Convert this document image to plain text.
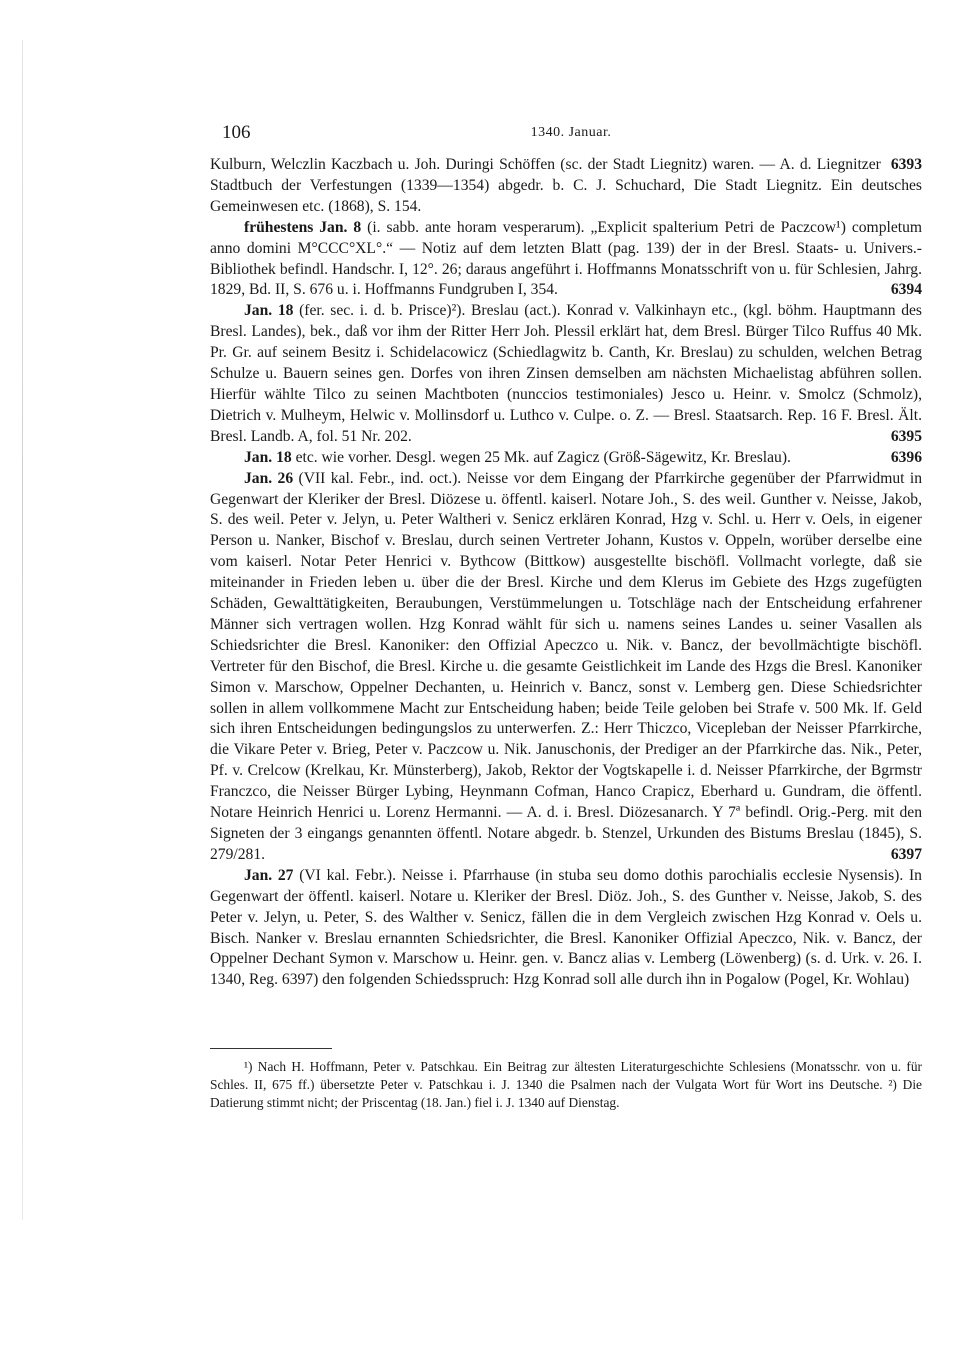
106	1340. Januar.

6393
Kulburn, Welczlin Kaczbach u. Joh. Duringi Schöffen (sc. der Stadt Liegnitz) waren. — A. d. Liegnitzer Stadtbuch der Verfestungen (1339—1354) abgedr. b. C. J. Schuchard, Die Stadt Liegnitz. Ein deutsches Gemeinwesen etc. (1868), S. 154.

frühestens Jan. 8 (i. sabb. ante horam vesperarum). „Explicit spalterium Petri de Paczcow¹) completum anno domini M°CCC°XL°.“ — Notiz auf dem letzten Blatt (pag. 139) der in der Bresl. Staats- u. Univers.-Bibliothek befindl. Handschr. I, 12°. 26; daraus angeführt i. Hoffmanns Monatsschrift von u. für Schlesien, Jahrg. 1829, Bd. II, S. 676 u. i. Hoffmanns Fundgruben I, 354.	6394

Jan. 18 (fer. sec. i. d. b. Prisce)²). Breslau (act.). Konrad v. Valkinhayn etc., (kgl. böhm. Hauptmann des Bresl. Landes), bek., daß vor ihm der Ritter Herr Joh. Plessil erklärt hat, dem Bresl. Bürger Tilco Ruffus 40 Mk. Pr. Gr. auf seinem Besitz i. Schidelacowicz (Schiedlagwitz b. Canth, Kr. Breslau) zu schulden, welchen Betrag Schulze u. Bauern seines gen. Dorfes von ihren Zinsen demselben am nächsten Michaelistag abführen sollen. Hierfür wählte Tilco zu seinen Machtboten (nunccios testimoniales) Jesco u. Heinr. v. Smolcz (Schmolz), Dietrich v. Mulheym, Helwic v. Mollinsdorf u. Luthco v. Culpe. o. Z. — Bresl. Staatsarch. Rep. 16 F. Bresl. Ält. Bresl. Landb. A, fol. 51 Nr. 202.	6395

Jan. 18 etc. wie vorher. Desgl. wegen 25 Mk. auf Zagicz (Größ-Sägewitz, Kr. Breslau).	6396

Jan. 26 (VII kal. Febr., ind. oct.). Neisse vor dem Eingang der Pfarrkirche gegenüber der Pfarrwidmut in Gegenwart der Kleriker der Bresl. Diözese u. öffentl. kaiserl. Notare Joh., S. des weil. Gunther v. Neisse, Jakob, S. des weil. Peter v. Jelyn, u. Peter Waltheri v. Senicz erklären Konrad, Hzg v. Schl. u. Herr v. Oels, in eigener Person u. Nanker, Bischof v. Breslau, durch seinen Vertreter Johann, Kustos v. Oppeln, worüber derselbe eine vom kaiserl. Notar Peter Henrici v. Bythcow (Bittkow) ausgestellte bischöfl. Vollmacht vorlegte, daß sie miteinander in Frieden leben u. über die der Bresl. Kirche und dem Klerus im Gebiete des Hzgs zugefügten Schäden, Gewalttätigkeiten, Beraubungen, Verstümmelungen u. Totschläge nach der Entscheidung erfahrener Männer sich vertragen wollen. Hzg Konrad wählt für sich u. namens seines Landes u. seiner Vasallen als Schiedsrichter die Bresl. Kanoniker: den Offizial Apeczco u. Nik. v. Bancz, der bevollmächtigte bischöfl. Vertreter für den Bischof, die Bresl. Kirche u. die gesamte Geistlichkeit im Lande des Hzgs die Bresl. Kanoniker Simon v. Marschow, Oppelner Dechanten, u. Heinrich v. Bancz, sonst v. Lemberg gen. Diese Schiedsrichter sollen in allem vollkommene Macht zur Entscheidung haben; beide Teile geloben bei Strafe v. 500 Mk. lf. Geld sich ihren Entscheidungen bedingungslos zu unterwerfen. Z.: Herr Thiczco, Vicepleban der Neisser Pfarrkirche, die Vikare Peter v. Brieg, Peter v. Paczcow u. Nik. Januschonis, der Prediger an der Pfarrkirche das. Nik., Peter, Pf. v. Crelcow (Krelkau, Kr. Münsterberg), Jakob, Rektor der Vogtskapelle i. d. Neisser Pfarrkirche, der Bgrmstr Franczco, die Neisser Bürger Lybing, Heynmann Cofman, Hanco Crapicz, Eberhard u. Gundram, die öffentl. Notare Heinrich Henrici u. Lorenz Hermanni. — A. d. i. Bresl. Diözesanarch. Y 7ª befindl. Orig.-Perg. mit den Signeten der 3 eingangs genannten öffentl. Notare abgedr. b. Stenzel, Urkunden des Bistums Breslau (1845), S. 279/281.	6397

Jan. 27 (VI kal. Febr.). Neisse i. Pfarrhause (in stuba seu domo dothis parochialis ecclesie Nysensis). In Gegenwart der öffentl. kaiserl. Notare u. Kleriker der Bresl. Diöz. Joh., S. des Gunther v. Neisse, Jakob, S. des Peter v. Jelyn, u. Peter, S. des Walther v. Senicz, fällen die in dem Vergleich zwischen Hzg Konrad v. Oels u. Bisch. Nanker v. Breslau ernannten Schiedsrichter, die Bresl. Kanoniker Offizial Apeczco, Nik. v. Bancz, der Oppelner Dechant Symon v. Marschow u. Heinr. gen. v. Bancz alias v. Lemberg (Löwenberg) (s. d. Urk. v. 26. I. 1340, Reg. 6397) den folgenden Schiedsspruch: Hzg Konrad soll alle durch ihn in Pogalow (Pogel, Kr. Wohlau)

¹) Nach H. Hoffmann, Peter v. Patschkau. Ein Beitrag zur ältesten Literaturgeschichte Schlesiens (Monatsschr. von u. für Schles. II, 675 ff.) übersetzte Peter v. Patschkau i. J. 1340 die Psalmen nach der Vulgata Wort für Wort ins Deutsche. ²) Die Datierung stimmt nicht; der Priscentag (18. Jan.) fiel i. J. 1340 auf Dienstag.
